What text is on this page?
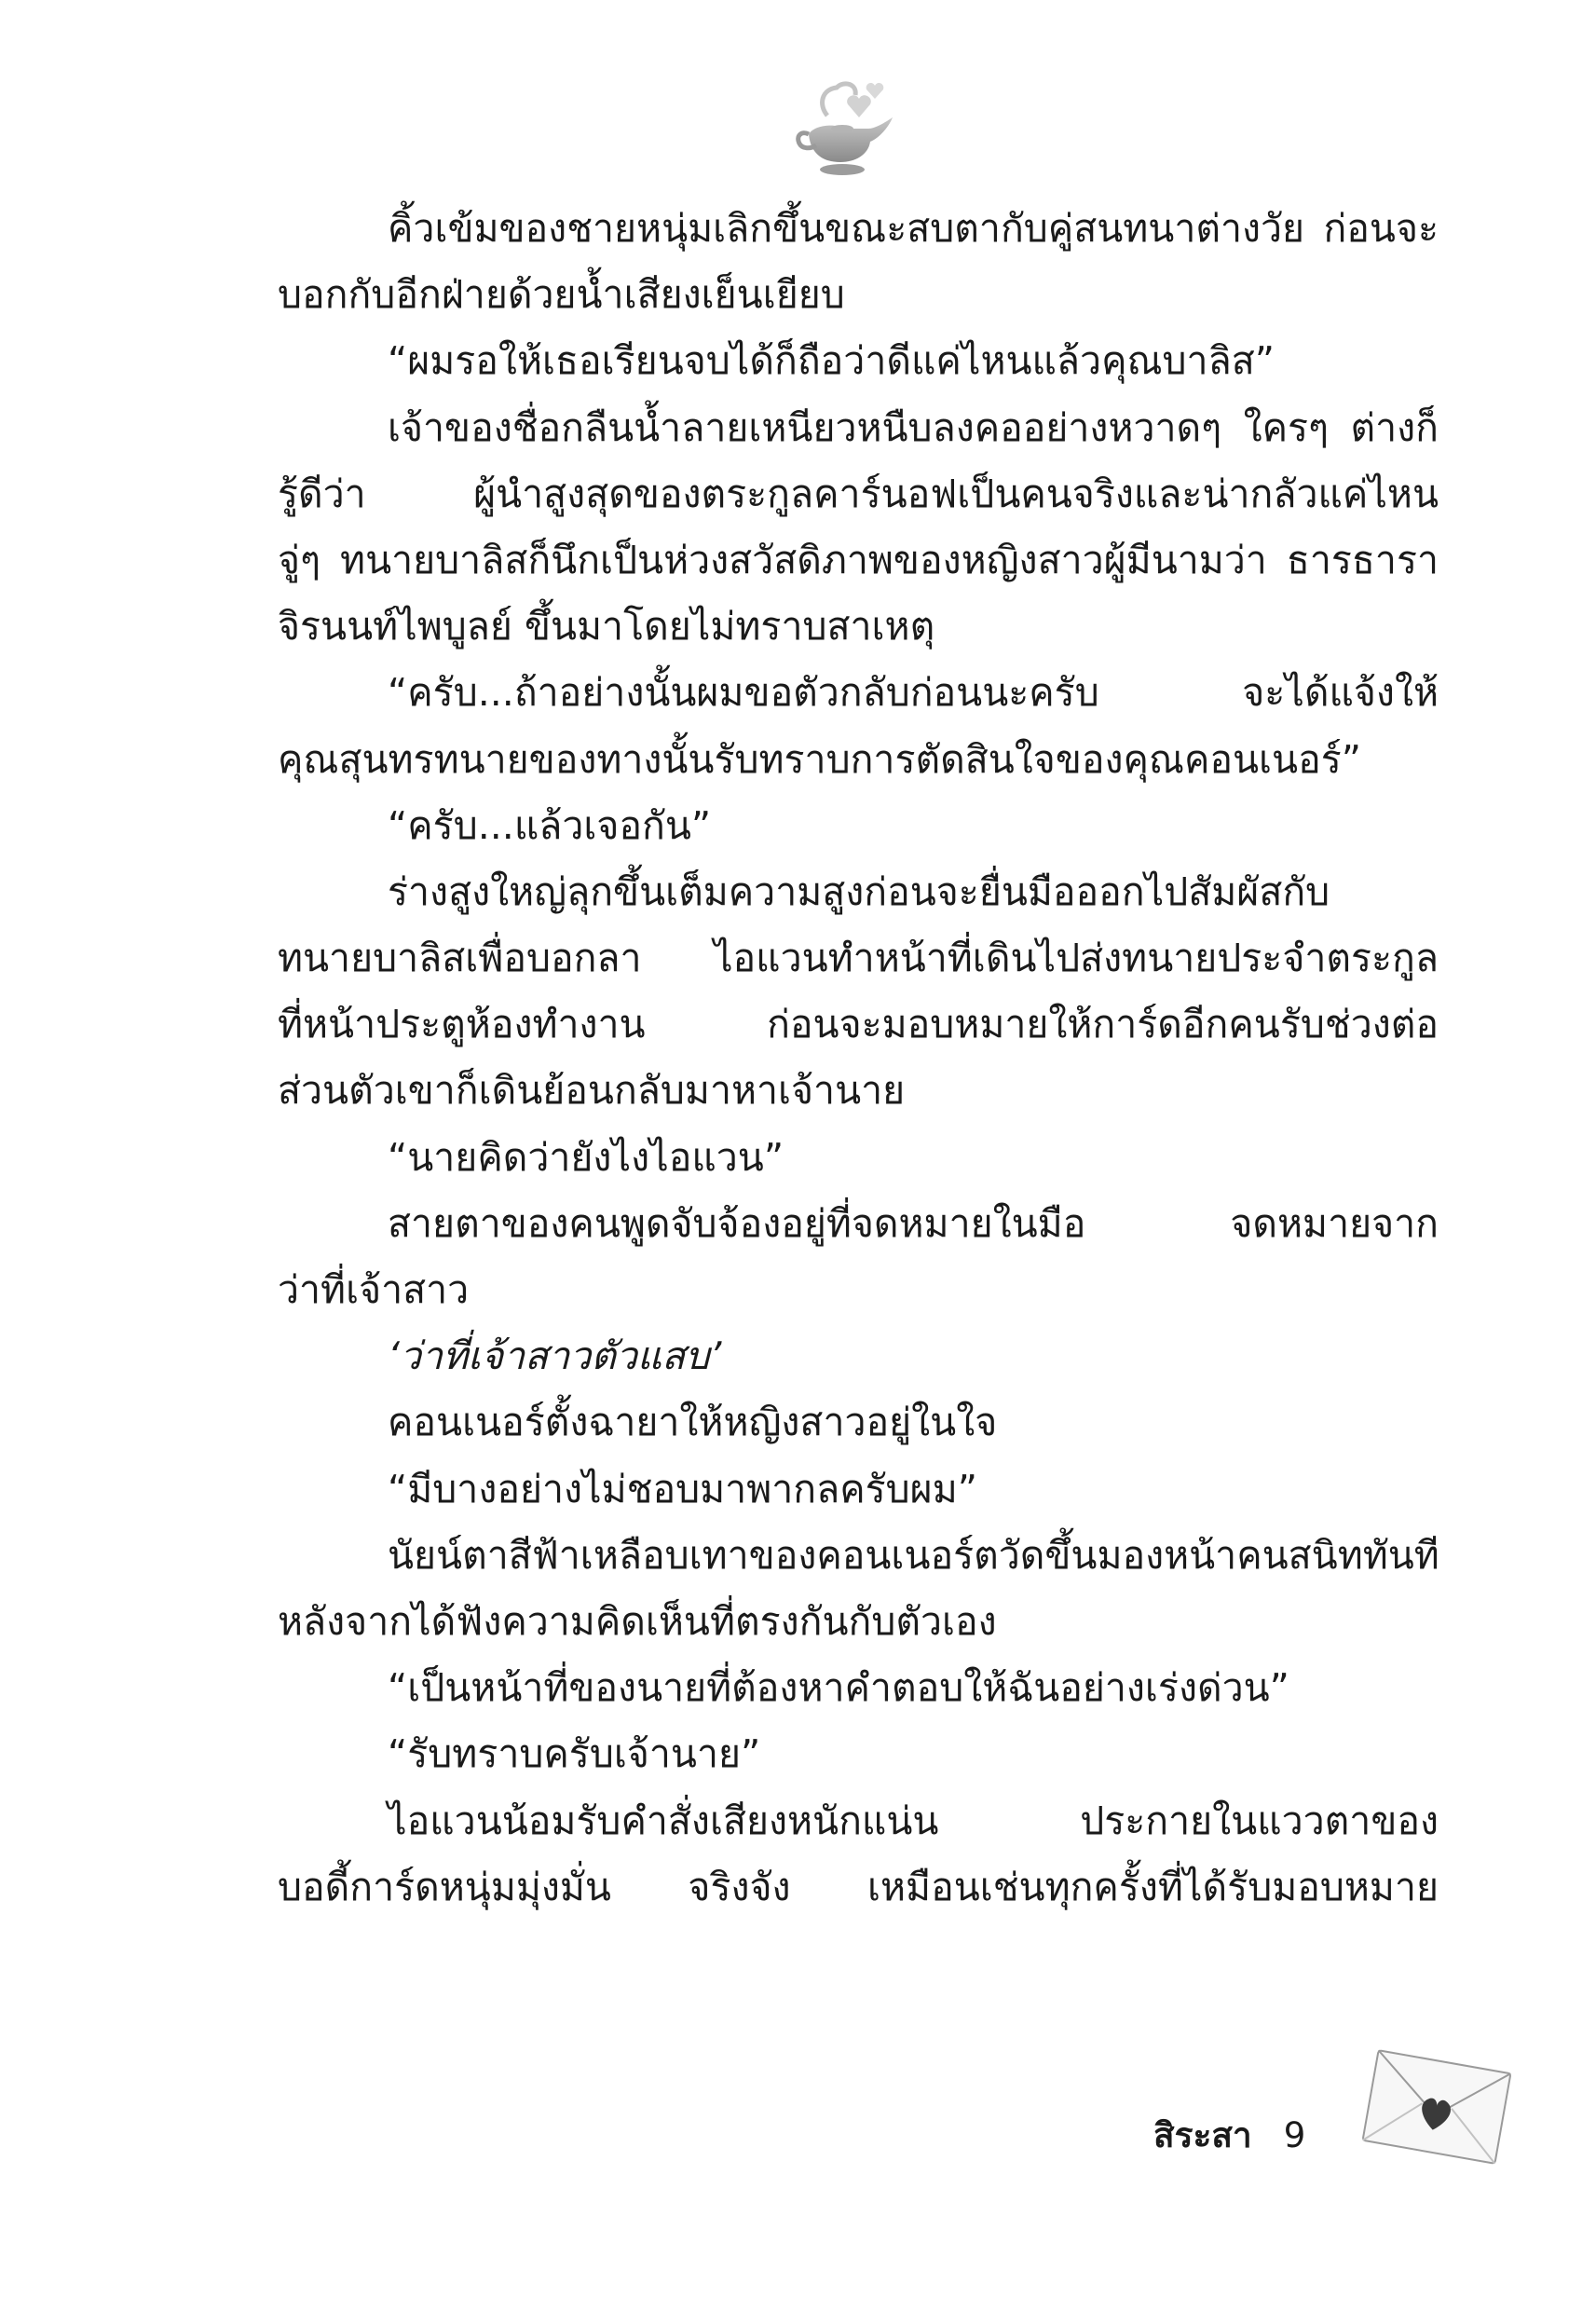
คิ้วเข้มของชายหนุ่มเลิกขึ้นขณะสบตากับคู่สนทนาต่างวัย ก่อนจะ
บอกกับอีกฝ่ายด้วยน้ำเสียงเย็นเยียบ
“ผมรอให้เธอเรียนจบได้ก็ถือว่าดีแค่ไหนแล้วคุณบาลิส”
เจ้าของชื่อกลืนน้ำลายเหนียวหนืบลงคออย่างหวาดๆ ใครๆ ต่างก็
รู้ดีว่า	ผู้นำสูงสุดของตระกูลคาร์นอฟเป็นคนจริงและน่ากลัวแค่ไหน
จู่ๆ ทนายบาลิสก็นึกเป็นห่วงสวัสดิภาพของหญิงสาวผู้มีนามว่า ธารธารา
จิรนนท์ไพบูลย์ ขึ้นมาโดยไม่ทราบสาเหตุ
“ครับ...ถ้าอย่างนั้นผมขอตัวกลับก่อนนะครับ	จะได้แจ้งให้
คุณสุนทรทนายของทางนั้นรับทราบการตัดสินใจของคุณคอนเนอร์”
“ครับ...แล้วเจอกัน”
ร่างสูงใหญ่ลุกขึ้นเต็มความสูงก่อนจะยื่นมือออกไปสัมผัสกับ
ทนายบาลิสเพื่อบอกลา ไอแวนทำหน้าที่เดินไปส่งทนายประจำตระกูล
ที่หน้าประตูห้องทำงาน	ก่อนจะมอบหมายให้การ์ดอีกคนรับช่วงต่อ
ส่วนตัวเขาก็เดินย้อนกลับมาหาเจ้านาย
“นายคิดว่ายังไงไอแวน”
สายตาของคนพูดจับจ้องอยู่ที่จดหมายในมือ	จดหมายจาก
ว่าที่เจ้าสาว
‘ว่าที่เจ้าสาวตัวแสบ’
คอนเนอร์ตั้งฉายาให้หญิงสาวอยู่ในใจ
“มีบางอย่างไม่ชอบมาพากลครับผม”
นัยน์ตาสีฟ้าเหลือบเทาของคอนเนอร์ตวัดขึ้นมองหน้าคนสนิททันที
หลังจากได้ฟังความคิดเห็นที่ตรงกันกับตัวเอง
“เป็นหน้าที่ของนายที่ต้องหาคำตอบให้ฉันอย่างเร่งด่วน”
“รับทราบครับเจ้านาย”
ไอแวนน้อมรับคำสั่งเสียงหนักแน่น	ประกายในแววตาของ
บอดี้การ์ดหนุ่มมุ่งมั่น จริงจัง เหมือนเช่นทุกครั้งที่ได้รับมอบหมาย
สิระสา 9
